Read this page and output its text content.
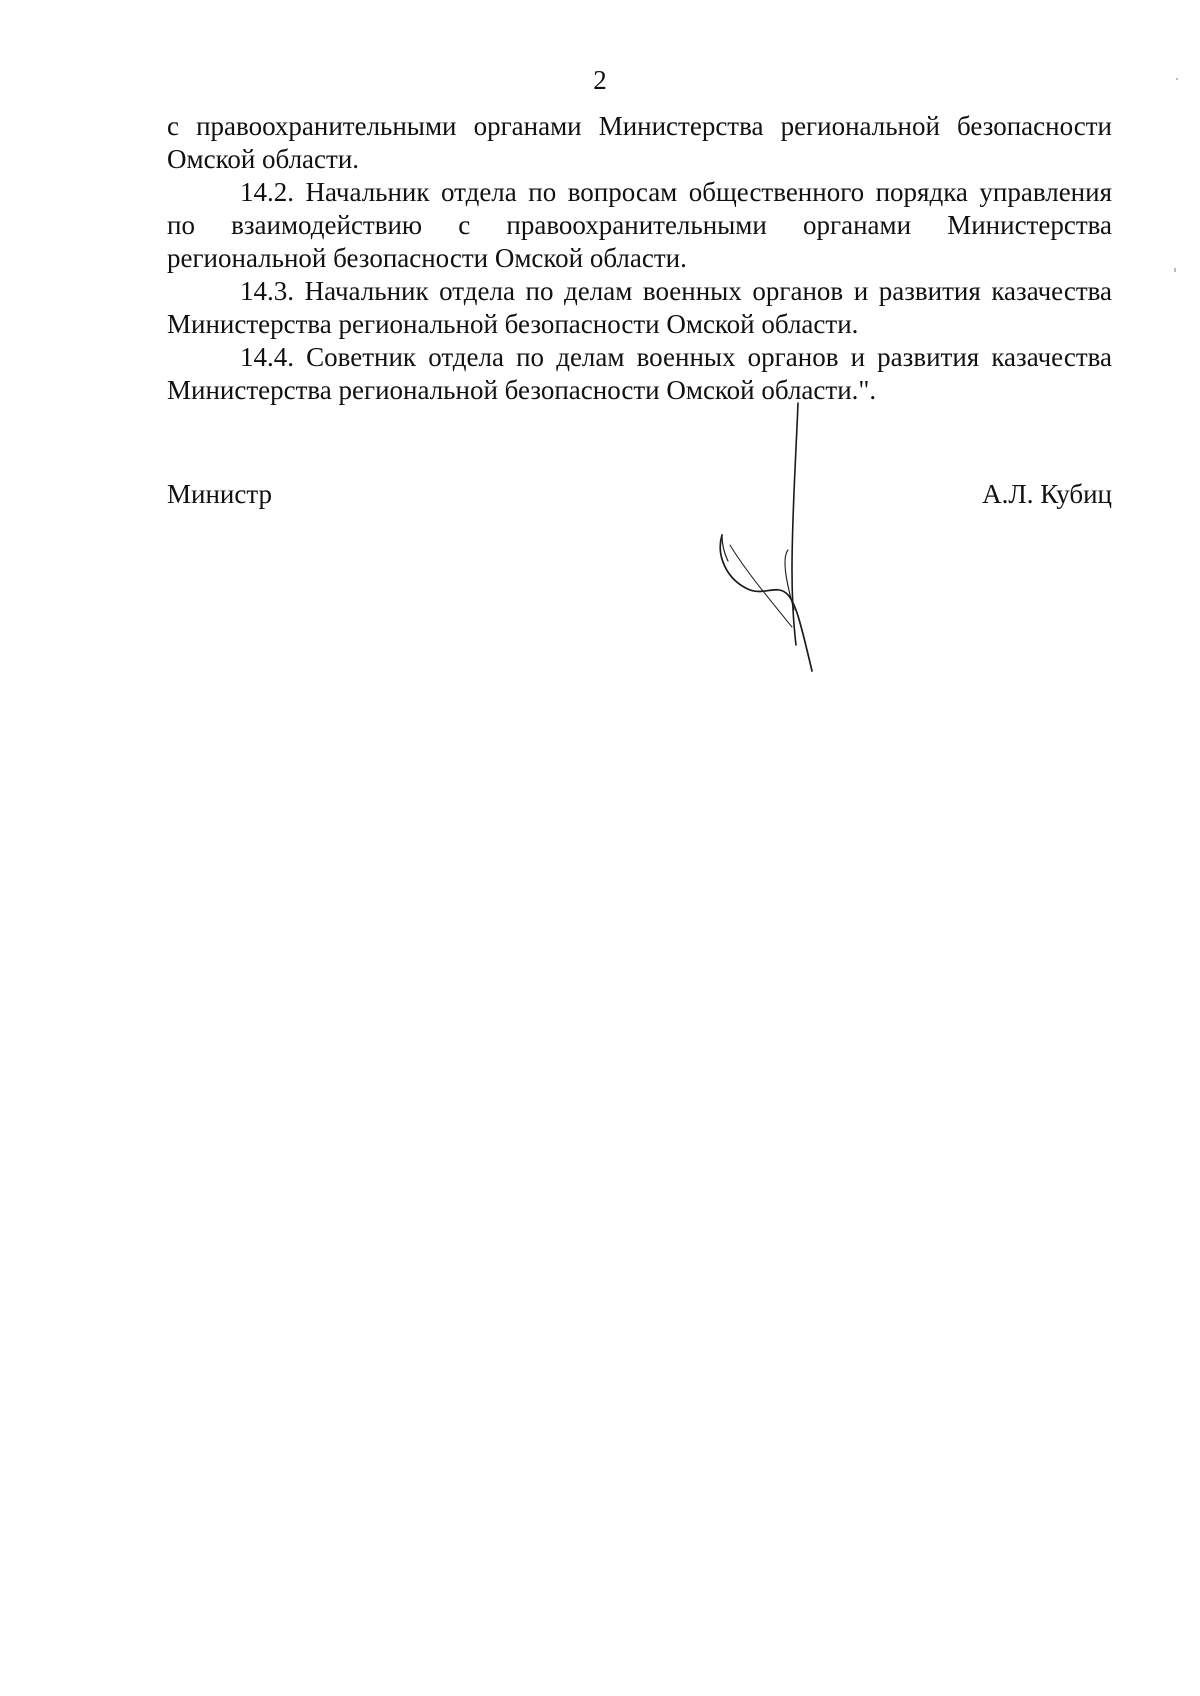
2

с правоохранительными органами Министерства региональной безопасности Омской области.

14.2. Начальник отдела по вопросам общественного порядка управления по взаимодействию с правоохранительными органами Министерства региональной безопасности Омской области.

14.3. Начальник отдела по делам военных органов и развития казачества Министерства региональной безопасности Омской области.

14.4. Советник отдела по делам военных органов и развития казачества Министерства региональной безопасности Омской области.".

Министр	А.Л. Кубиц
